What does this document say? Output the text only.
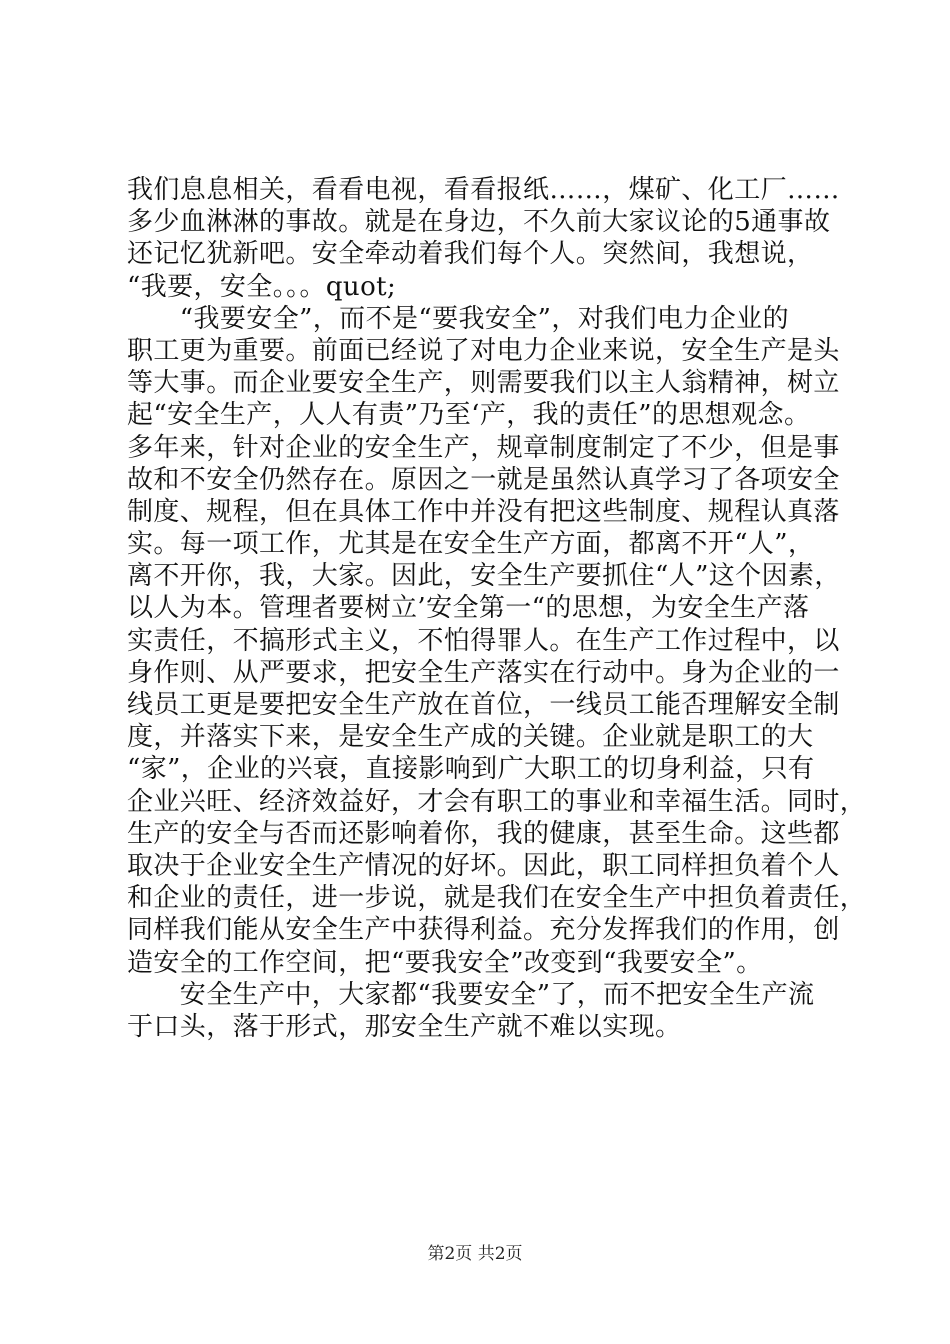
我们息息相关，看看电视，看看报纸……，煤矿、化工厂……
多少血淋淋的事故。就是在身边，不久前大家议论的5通事故
还记忆犹新吧。安全牵动着我们每个人。突然间，我想说，
“我要，安全。。。quot;
　　“我要安全”，而不是“要我安全”，对我们电力企业的
职工更为重要。前面已经说了对电力企业来说，安全生产是头
等大事。而企业要安全生产，则需要我们以主人翁精神，树立
起“安全生产，人人有责”乃至‘产，我的责任”的思想观念。
多年来，针对企业的安全生产，规章制度制定了不少，但是事
故和不安全仍然存在。原因之一就是虽然认真学习了各项安全
制度、规程，但在具体工作中并没有把这些制度、规程认真落
实。每一项工作，尤其是在安全生产方面，都离不开“人”，
离不开你，我，大家。因此，安全生产要抓住“人”这个因素，
以人为本。管理者要树立’安全第一“的思想，为安全生产落
实责任，不搞形式主义，不怕得罪人。在生产工作过程中，以
身作则、从严要求，把安全生产落实在行动中。身为企业的一
线员工更是要把安全生产放在首位，一线员工能否理解安全制
度，并落实下来，是安全生产成的关键。企业就是职工的大
“家”，企业的兴衰，直接影响到广大职工的切身利益，只有
企业兴旺、经济效益好，才会有职工的事业和幸福生活。同时，
生产的安全与否而还影响着你，我的健康，甚至生命。这些都
取决于企业安全生产情况的好坏。因此，职工同样担负着个人
和企业的责任，进一步说，就是我们在安全生产中担负着责任，
同样我们能从安全生产中获得利益。充分发挥我们的作用，创
造安全的工作空间，把“要我安全”改变到“我要安全”。
　　安全生产中，大家都“我要安全”了，而不把安全生产流
于口头，落于形式，那安全生产就不难以实现。
第2页 共2页
